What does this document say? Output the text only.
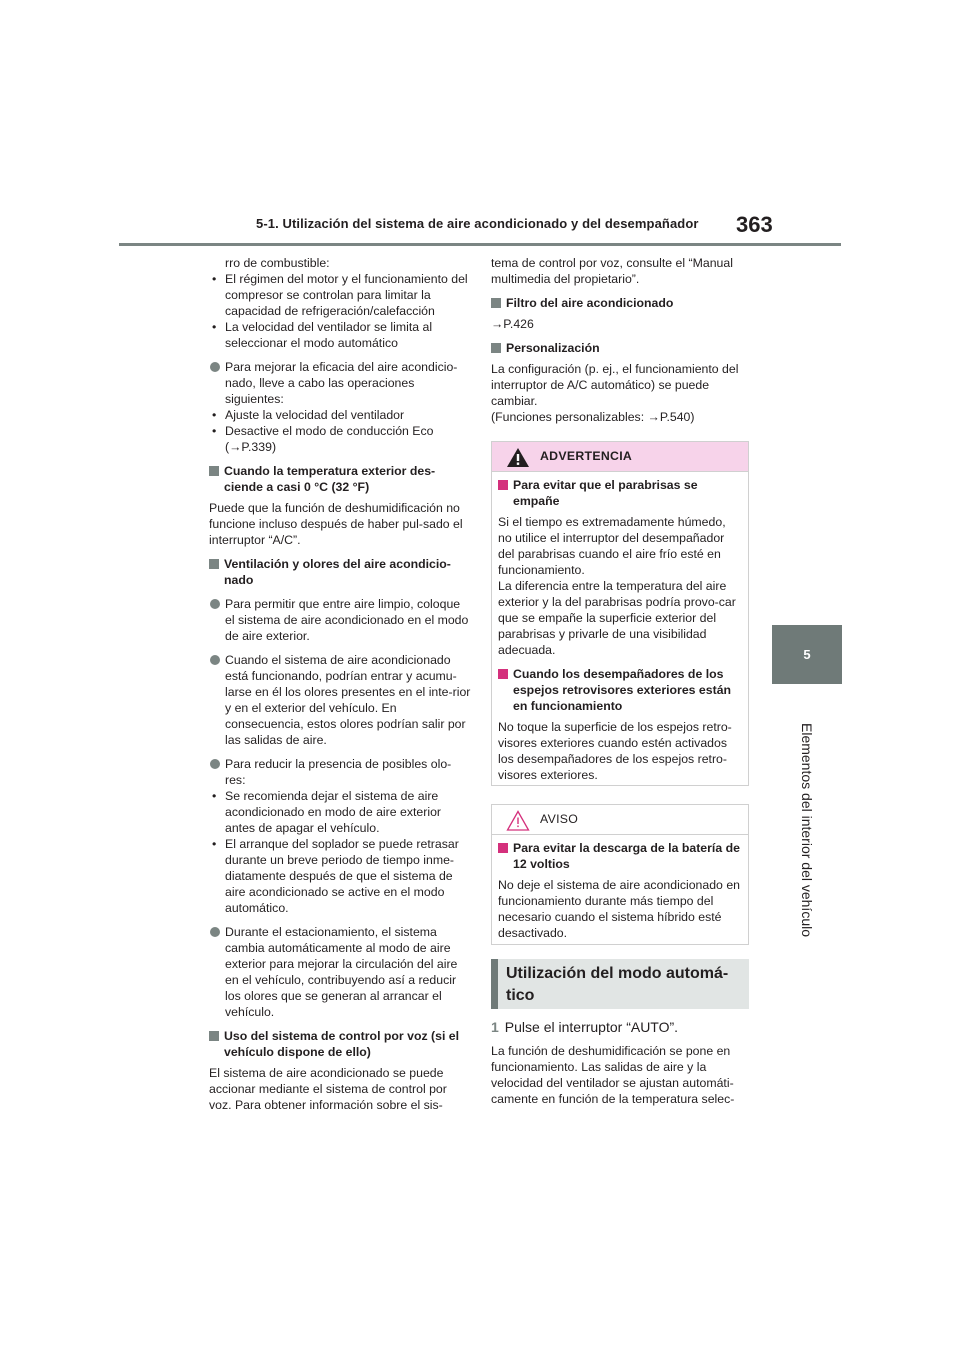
5-1. Utilización del sistema de aire acondicionado y del desempañador 363
5
Elementos del interior del vehículo
rro de combustible:
• El régimen del motor y el funcionamiento del compresor se controlan para limitar la capacidad de refrigeración/calefacción
• La velocidad del ventilador se limita al seleccionar el modo automático
Para mejorar la eficacia del aire acondicio-nado, lleve a cabo las operaciones siguientes:
• Ajuste la velocidad del ventilador
• Desactive el modo de conducción Eco
(→P.339)
Cuando la temperatura exterior des-ciende a casi 0 °C (32 °F)
Puede que la función de deshumidificación no funcione incluso después de haber pul-sado el interruptor “A/C”.
Ventilación y olores del aire acondicio-nado
Para permitir que entre aire limpio, coloque el sistema de aire acondicionado en el modo de aire exterior.
Cuando el sistema de aire acondicionado está funcionando, podrían entrar y acumu-larse en él los olores presentes en el inte-rior y en el exterior del vehículo. En consecuencia, estos olores podrían salir por las salidas de aire.
Para reducir la presencia de posibles olo-res:
• Se recomienda dejar el sistema de aire acondicionado en modo de aire exterior antes de apagar el vehículo.
• El arranque del soplador se puede retrasar durante un breve periodo de tiempo inme-diatamente después de que el sistema de aire acondicionado se active en el modo automático.
Durante el estacionamiento, el sistema cambia automáticamente al modo de aire exterior para mejorar la circulación del aire en el vehículo, contribuyendo así a reducir los olores que se generan al arrancar el vehículo.
Uso del sistema de control por voz (si el vehículo dispone de ello)
El sistema de aire acondicionado se puede accionar mediante el sistema de control por voz. Para obtener información sobre el sis-
tema de control por voz, consulte el “Manual multimedia del propietario”.
Filtro del aire acondicionado
→P.426
Personalización
La configuración (p. ej., el funcionamiento del interruptor de A/C automático) se puede cambiar.
(Funciones personalizables: →P.540)
ADVERTENCIA
Para evitar que el parabrisas se empañe
Si el tiempo es extremadamente húmedo, no utilice el interruptor del desempañador del parabrisas cuando el aire frío esté en funcionamiento.
La diferencia entre la temperatura del aire exterior y la del parabrisas podría provo-car que se empañe la superficie exterior del parabrisas y privarle de una visibilidad adecuada.
Cuando los desempañadores de los espejos retrovisores exteriores están en funcionamiento
No toque la superficie de los espejos retro-visores exteriores cuando estén activados los desempañadores de los espejos retro-visores exteriores.
AVISO
Para evitar la descarga de la batería de 12 voltios
No deje el sistema de aire acondicionado en funcionamiento durante más tiempo del necesario cuando el sistema híbrido esté desactivado.
Utilización del modo automá-tico
1 Pulse el interruptor “AUTO”.
La función de deshumidificación se pone en funcionamiento. Las salidas de aire y la velocidad del ventilador se ajustan automáti-camente en función de la temperatura selec-
